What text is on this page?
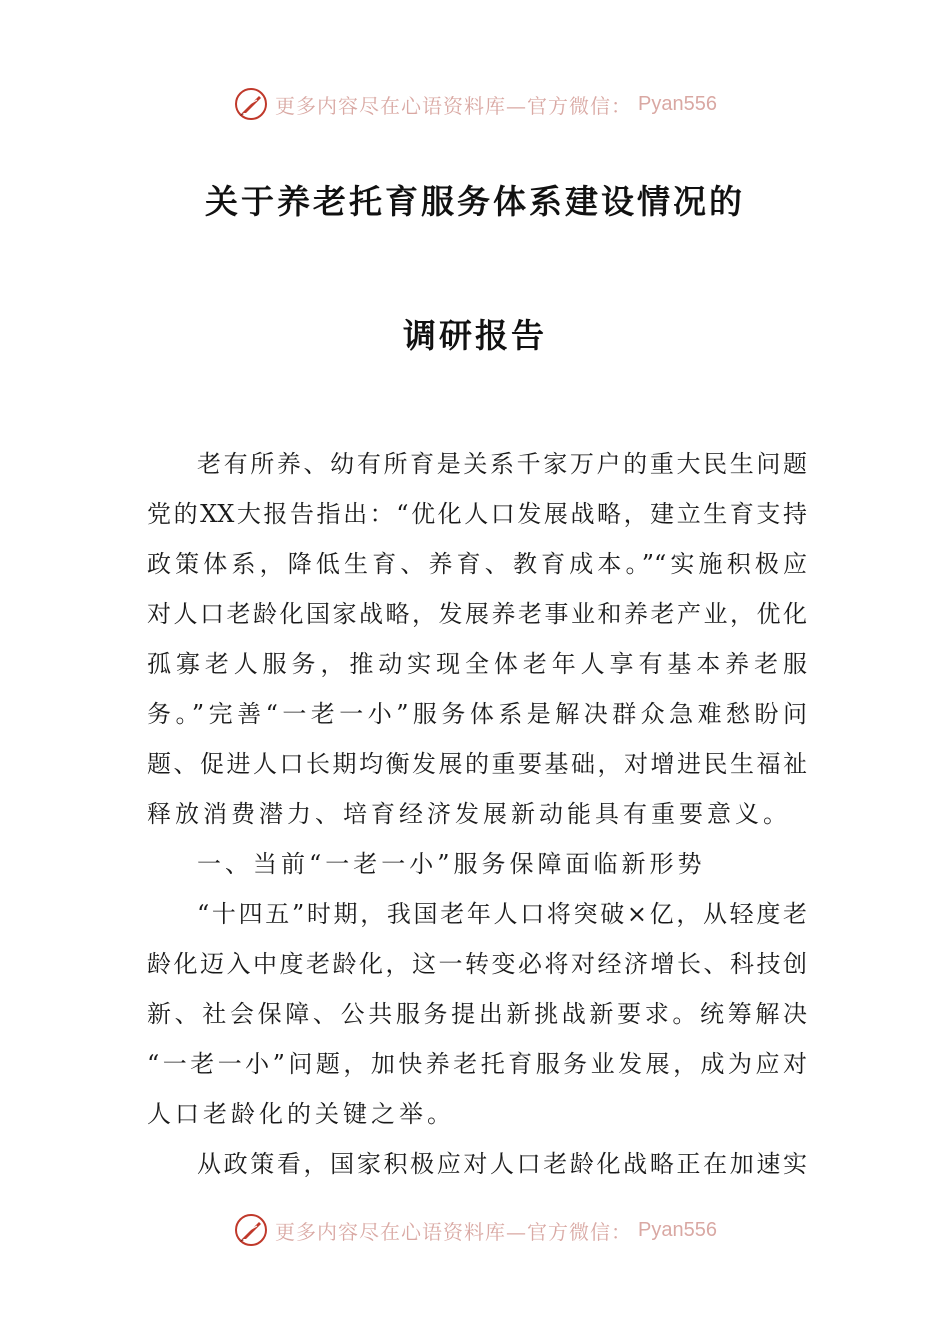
更多内容尽在心语资料库—官方微信： Pyan556
关于养老托育服务体系建设情况的
调研报告
老有所养、幼有所育是关系千家万户的重大民生问题
党的XX大报告指出：“优化人口发展战略，建立生育支持
政策体系，降低生育、养育、教育成本。”“实施积极应
对人口老龄化国家战略，发展养老事业和养老产业，优化
孤寡老人服务，推动实现全体老年人享有基本养老服
务。”完善“一老一小”服务体系是解决群众急难愁盼问
题、促进人口长期均衡发展的重要基础，对增进民生福祉
释放消费潜力、培育经济发展新动能具有重要意义。
一、当前“一老一小”服务保障面临新形势
“十四五”时期，我国老年人口将突破×亿，从轻度老
龄化迈入中度老龄化，这一转变必将对经济增长、科技创
新、社会保障、公共服务提出新挑战新要求。统筹解决
“一老一小”问题，加快养老托育服务业发展，成为应对
人口老龄化的关键之举。
从政策看，国家积极应对人口老龄化战略正在加速实
更多内容尽在心语资料库—官方微信： Pyan556
